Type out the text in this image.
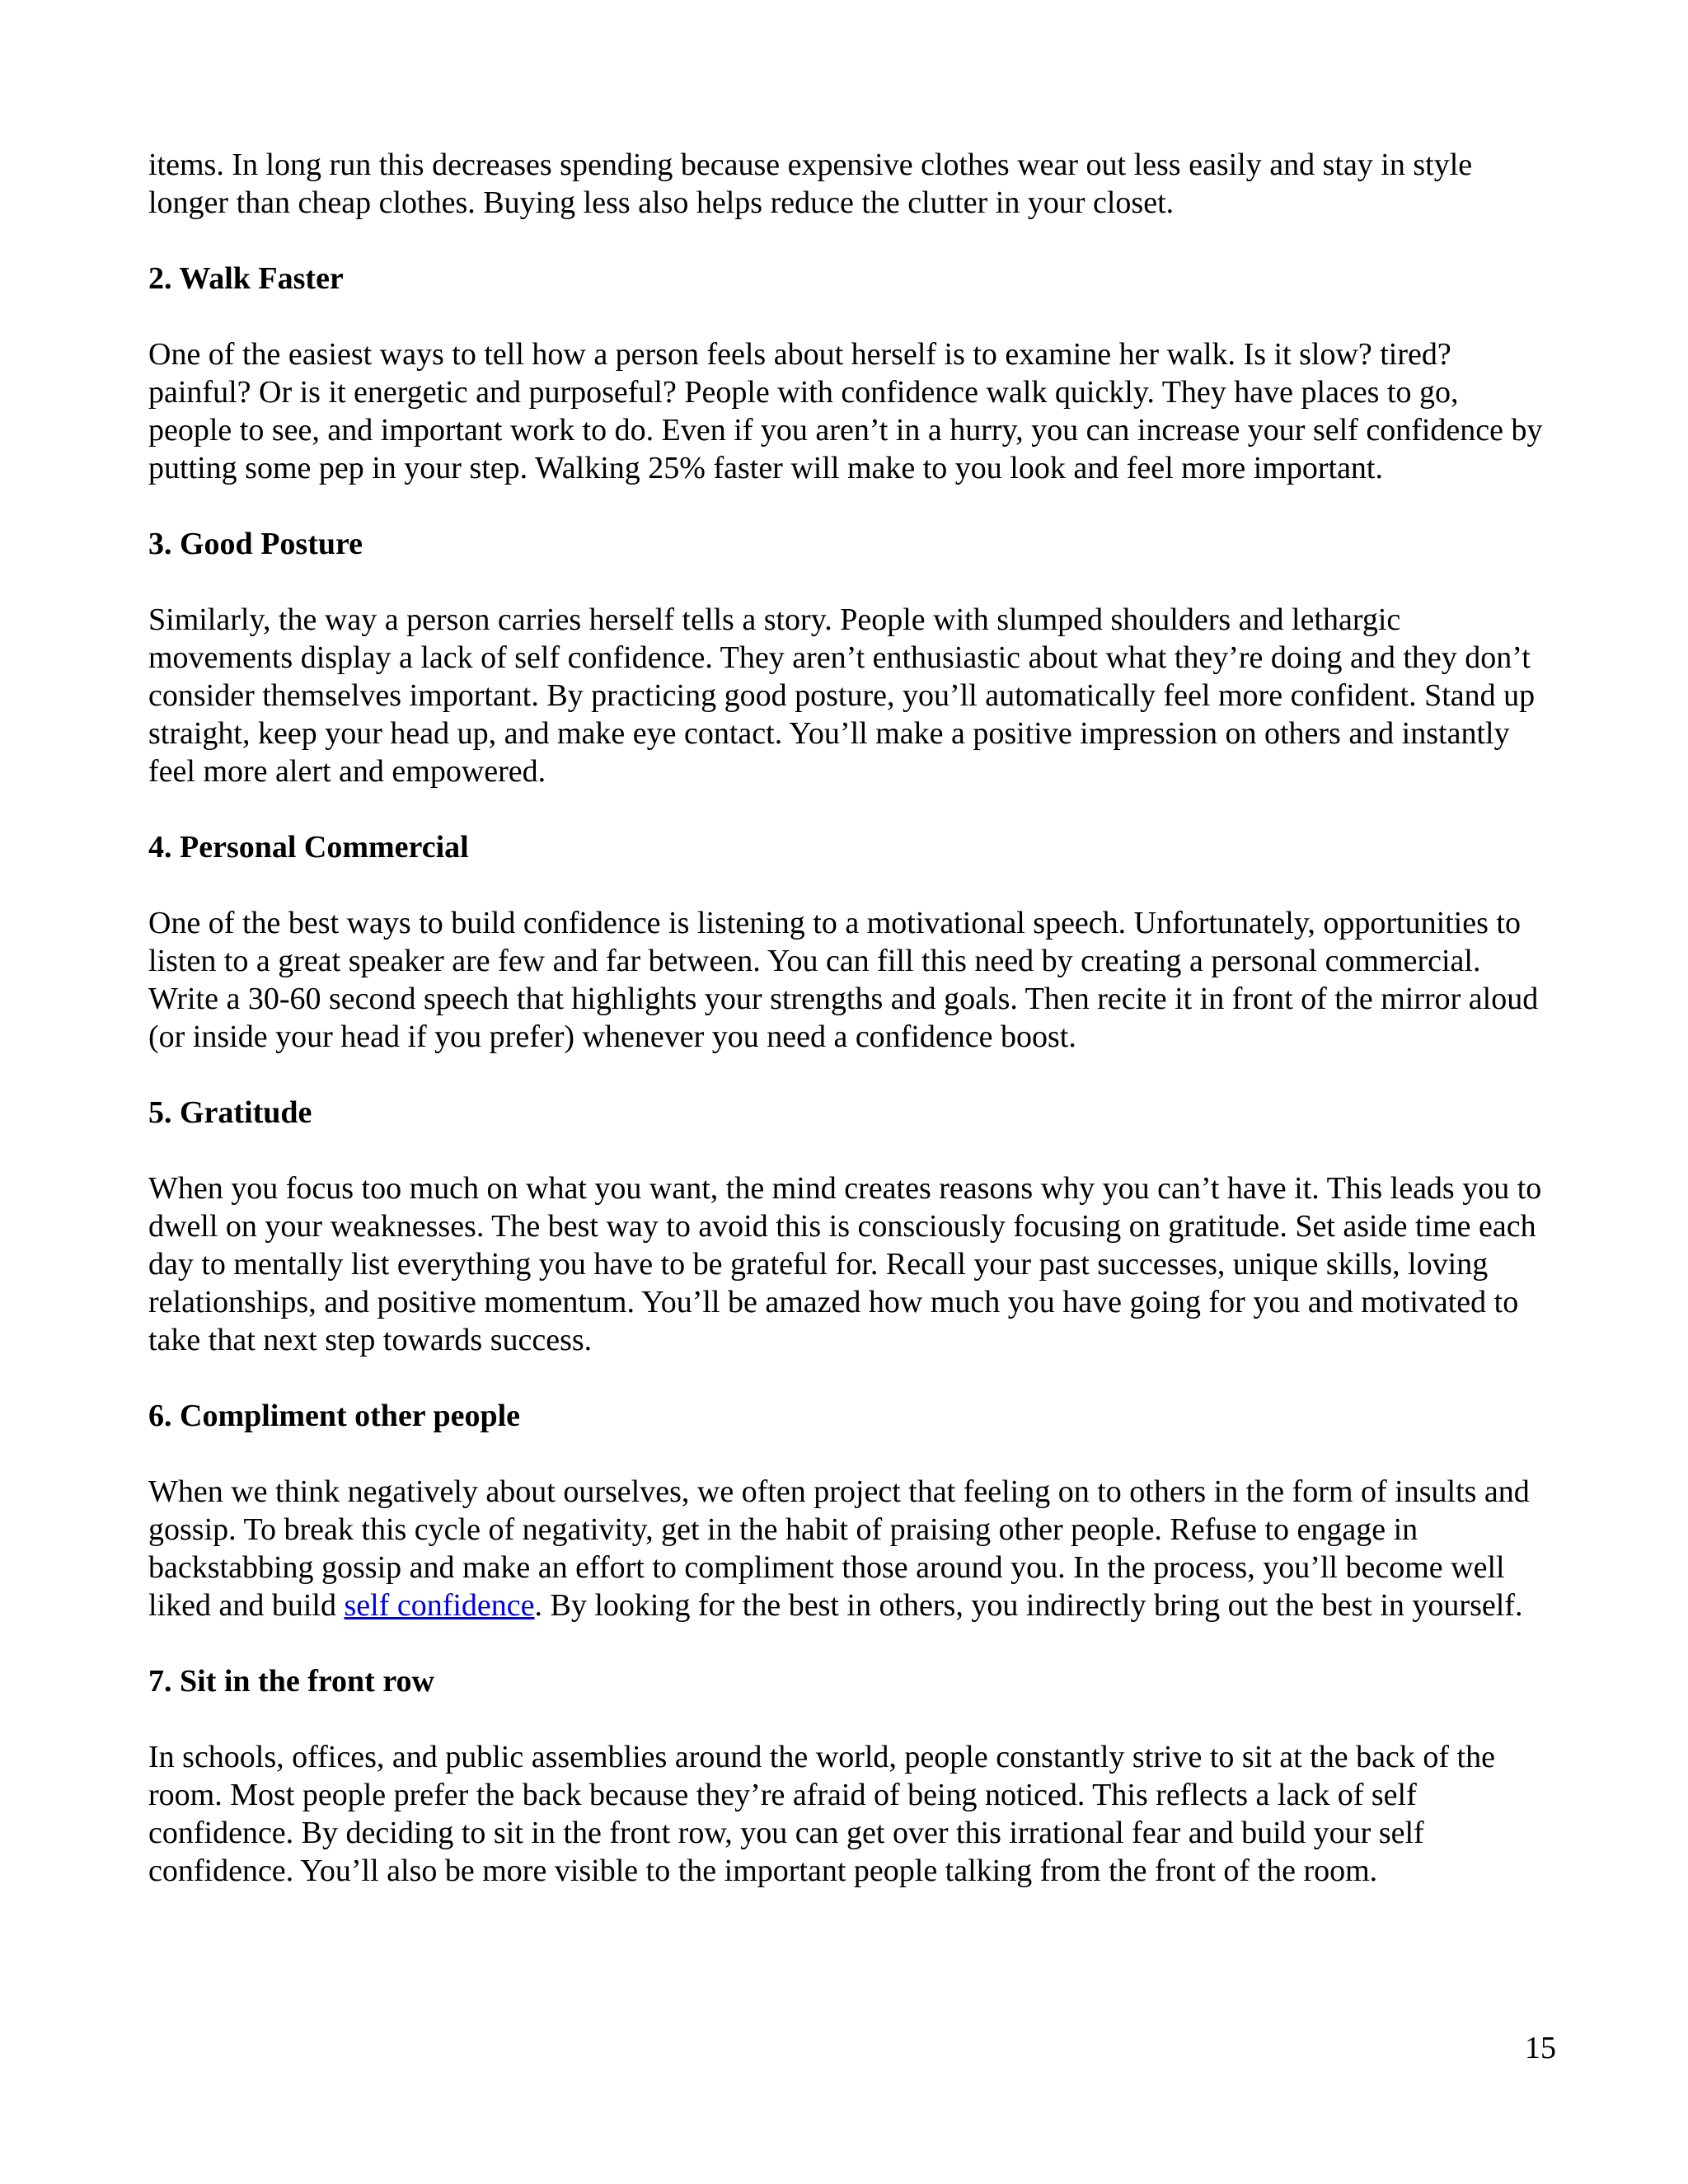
items. In long run this decreases spending because expensive clothes wear out less easily and stay in style longer than cheap clothes. Buying less also helps reduce the clutter in your closet.

2. Walk Faster

One of the easiest ways to tell how a person feels about herself is to examine her walk. Is it slow? tired? painful? Or is it energetic and purposeful? People with confidence walk quickly. They have places to go, people to see, and important work to do. Even if you aren’t in a hurry, you can increase your self confidence by putting some pep in your step. Walking 25% faster will make to you look and feel more important.

3. Good Posture

Similarly, the way a person carries herself tells a story. People with slumped shoulders and lethargic movements display a lack of self confidence. They aren’t enthusiastic about what they’re doing and they don’t consider themselves important. By practicing good posture, you’ll automatically feel more confident. Stand up straight, keep your head up, and make eye contact. You’ll make a positive impression on others and instantly feel more alert and empowered.

4. Personal Commercial

One of the best ways to build confidence is listening to a motivational speech. Unfortunately, opportunities to listen to a great speaker are few and far between. You can fill this need by creating a personal commercial. Write a 30-60 second speech that highlights your strengths and goals. Then recite it in front of the mirror aloud (or inside your head if you prefer) whenever you need a confidence boost.

5. Gratitude

When you focus too much on what you want, the mind creates reasons why you can’t have it. This leads you to dwell on your weaknesses. The best way to avoid this is consciously focusing on gratitude. Set aside time each day to mentally list everything you have to be grateful for. Recall your past successes, unique skills, loving relationships, and positive momentum. You’ll be amazed how much you have going for you and motivated to take that next step towards success.

6. Compliment other people

When we think negatively about ourselves, we often project that feeling on to others in the form of insults and gossip. To break this cycle of negativity, get in the habit of praising other people. Refuse to engage in backstabbing gossip and make an effort to compliment those around you. In the process, you’ll become well liked and build self confidence. By looking for the best in others, you indirectly bring out the best in yourself.

7. Sit in the front row

In schools, offices, and public assemblies around the world, people constantly strive to sit at the back of the room. Most people prefer the back because they’re afraid of being noticed. This reflects a lack of self confidence. By deciding to sit in the front row, you can get over this irrational fear and build your self confidence. You’ll also be more visible to the important people talking from the front of the room.

15
